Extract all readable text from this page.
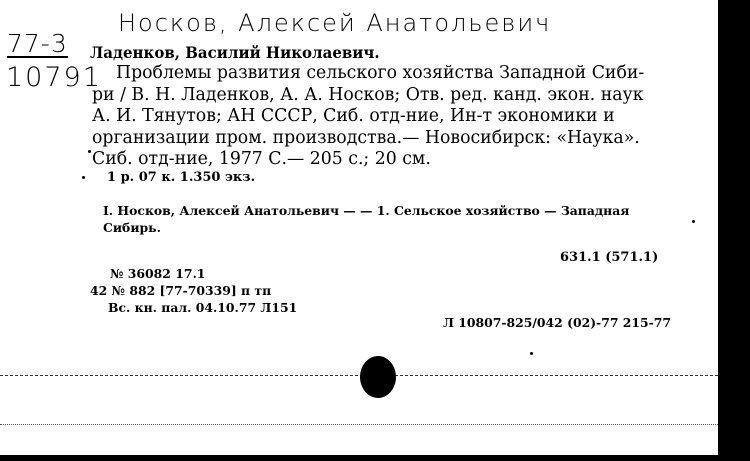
Носков, Алексей Анатольевич
77-3
10791
Ладенков, Василий Николаевич.
Проблемы развития сельского хозяйства Западной Сиби-
ри / В. Н. Ладенков, А. А. Носков; Отв. ред. канд. экон. наук
А. И. Тянутов; АН СССР, Сиб. отд-ние, Ин-т экономики и
организации пром. производства.— Новосибирск: «Наука».
Сиб. отд-ние, 1977 С.— 205 с.; 20 см.
1 р. 07 к. 1.350 экз.
I. Носков, Алексей Анатольевич — — 1. Сельское хозяйство — Западная
Сибирь.
631.1 (571.1)
№ 36082 17.1
42 № 882 [77-70339] п тп
Вс. кн. пал. 04.10.77 Л151
Л 10807-825/042 (02)-77 215-77
